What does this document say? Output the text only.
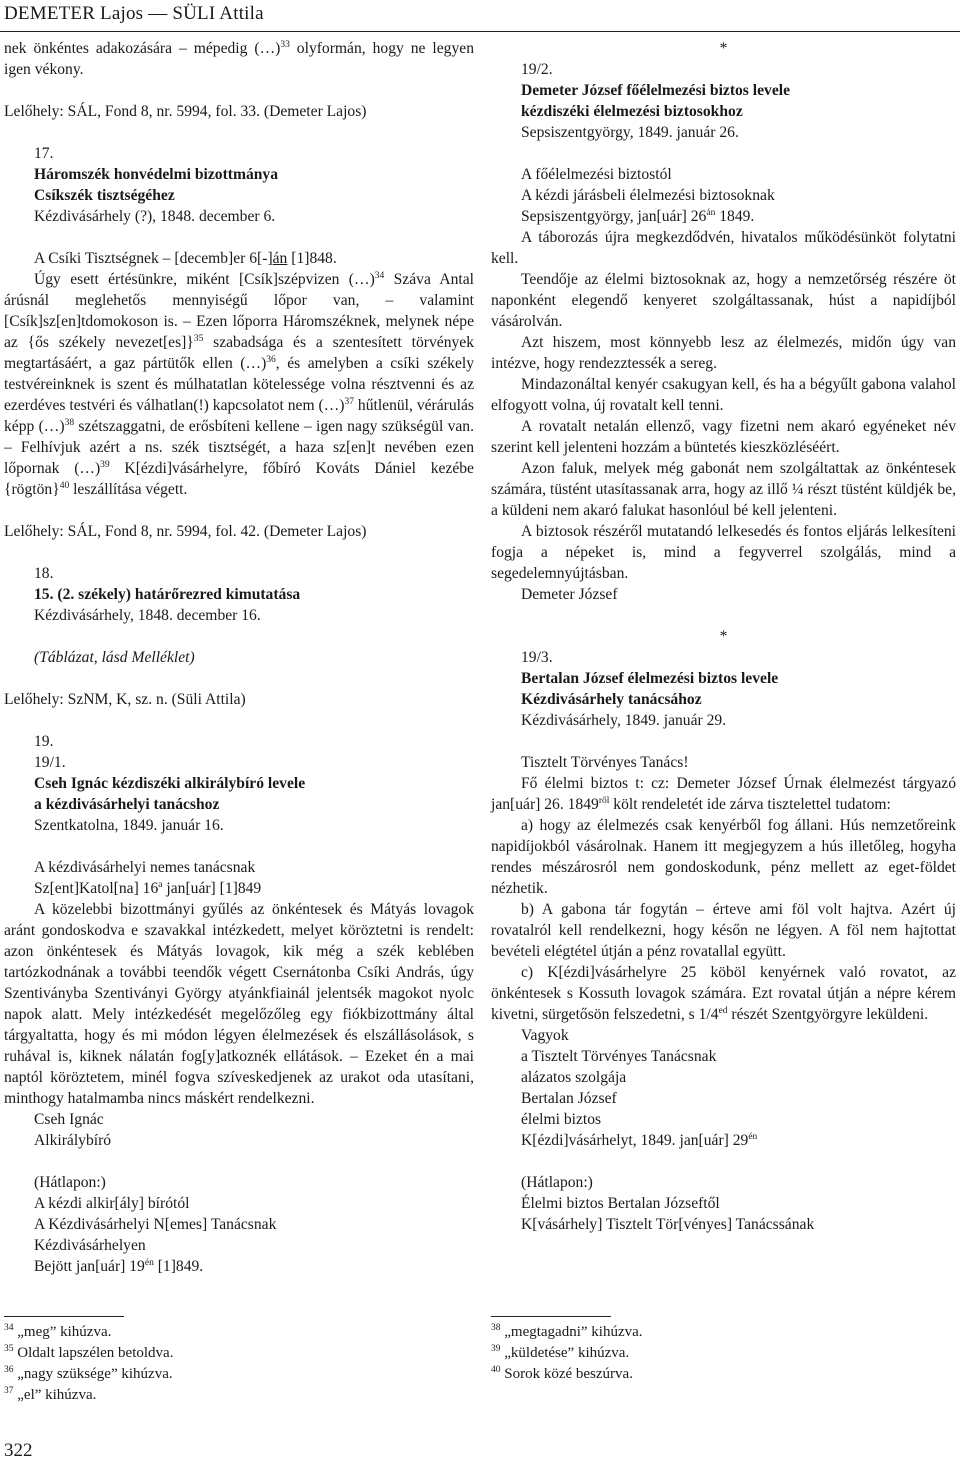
DEMETER Lajos — SÜLI Attila

nek önkéntes adakozására – mépedig (…)$^{33}$ olyformán, hogy ne legyen igen vékony.

Lelőhely: SÁL, Fond 8, nr. 5994, fol. 33. (Demeter Lajos)

17.

Háromszék honvédelmi bizottmánya

Csíkszék tisztségéhez

Kézdivásárhely (?), 1848. december 6.

A Csíki Tisztségnek – [decemb]er 6[-]án [1]848.

Úgy esett értésünkre, miként [Csík]szépvizen (…)$^{34}$ Száva Antal árúsnál meglehetős mennyiségű lőpor van, – valamint [Csík]sz[en]tdomokoson is. – Ezen lőporra Háromszéknek, melynek népe az {ős székely nevezet[es]}$^{35}$ szabadsága és a szentesített törvények megtartásáért, a gaz pártütők ellen (…)$^{36}$, és amelyben a csíki székely testvéreinknek is szent és múlhatatlan kötelessége volna résztvenni és az ezerdéves testvéri és válhatlan(!) kapcsolatot nem (…)$^{37}$ hűtlenül, vérárulás képp (…)$^{38}$ szétszaggatni, de erősbíteni kellene – igen nagy szükségül van. – Felhívjuk azért a ns. szék tisztségét, a haza sz[en]t nevében ezen lőpornak (…)$^{39}$ K[ézdi]vásárhelyre, főbíró Kováts Dániel kezébe {rögtön}$^{40}$ leszállítása végett.

Lelőhely: SÁL, Fond 8, nr. 5994, fol. 42. (Demeter Lajos)

18.

15. (2. székely) határőrezred kimutatása

Kézdivásárhely, 1848. december 16.

(Táblázat, lásd Melléklet)

Lelőhely: SzNM, K, sz. n. (Süli Attila)

19.

19/1.

Cseh Ignác kézdiszéki alkirálybíró levele

a kézdivásárhelyi tanácshoz

Szentkatolna, 1849. január 16.

A kézdivásárhelyi nemes tanácsnak

Sz[ent]Katol[na] 16$^a$ jan[uár] [1]849

A közelebbi bizottmányi gyűlés az önkéntesek és Mátyás lovagok aránt gondoskodva e szavakkal intézkedett, melyet köröztetni is rendelt: azon önkéntesek és Mátyás lovagok, kik még a szék keblében tartózkodnának a további teendők végett Csernátonba Csíki András, úgy Szentiványba Szentiványi György atyánkfiainál jelentsék magokot nyolc napok alatt. Mely intézkedését megelőzőleg egy fiókbizottmány által tárgyaltatta, hogy és mi módon légyen élelmezések és elszállásolások, s ruhával is, kiknek nálatán fog[y]atkoznék ellátások. – Ezeket én a mai naptól köröztetem, minél fogva szíveskedjenek az urakot oda utasítani, minthogy hatalmamba nincs máskért rendelkezni.

Cseh Ignác

Alkirálybíró

(Hátlapon:)

A kézdi alkir[ály] bírótól

A Kézdivásárhelyi N[emes] Tanácsnak

Kézdivásárhelyen

Bejött jan[uár] $19^{én}$ [1]849.

*

19/2.

Demeter József főélelmezési biztos levele

kézdiszéki élelmezési biztosokhoz

Sepsiszentgyörgy, 1849. január 26.

A főélelmezési biztostól

A kézdi járásbeli élelmezési biztosoknak

Sepsiszentgyörgy, jan[uár] $26^{án}$ 1849.

A táborozás újra megkezdődvén, hivatalos működésünköt folytatni kell.

Teendője az élelmi biztosoknak az, hogy a nemzetőrség részére öt naponként elegendő kenyeret szolgáltassanak, húst a napidíjból vásárolván.

Azt hiszem, most könnyebb lesz az élelmezés, midőn úgy van intézve, hogy rendezztessék a sereg.

Mindazonáltal kenyér csakugyan kell, és ha a bégyűlt gabona valahol elfogyott volna, új rovatalt kell tenni.

A rovatalt netalán ellenző, vagy fizetni nem akaró egyéneket név szerint kell jelenteni hozzám a büntetés kieszközléséért.

Azon faluk, melyek még gabonát nem szolgáltattak az önkéntesek számára, tüstént utasítassanak arra, hogy az illő ¼ részt tüstént küldjék be, a küldeni nem akaró falukat hasonlóul bé kell jelenteni.

A biztosok részéről mutatandó lelkesedés és fontos eljárás lelkesíteni fogja a népeket is, mind a fegyverrel szolgálás, mind a segedelemnyújtásban.

Demeter József

*

19/3.

Bertalan József élelmezési biztos levele

Kézdivásárhely tanácsához

Kézdivásárhely, 1849. január 29.

Tisztelt Törvényes Tanács!

Fő élelmi biztos t: cz: Demeter József Úrnak élelmezést tárgyazó jan[uár] 26. $1849^{ről}$ költ rendeletét ide zárva tisztelettel tudatom:

a) hogy az élelmezés csak kenyérből fog állani. Hús nemzetőreink napidíjokból vásárolnak. Hanem itt megjegyzem a hús illetőleg, hogyha rendes mészárosról nem gondoskodunk, pénz mellett az eget-földet nézhetik.

b) A gabona tár fogytán – érteve ami föl volt hajtva. Azért új rovatalról kell rendelkezni, hogy későn ne légyen. A föl nem hajtottat bevételi elégtétel útján a pénz rovatallal együtt.

c) K[ézdi]vásárhelyre 25 köböl kenyérnek való rovatot, az önkéntesek s Kossuth lovagok számára. Ezt rovatal útján a népre kérem kivetni, sürgetősön felszedetni, s $1/4^{ed}$ részét Szentgyörgyre leküldeni.

Vagyok

a Tisztelt Törvényes Tanácsnak

alázatos szolgája

Bertalan József

élelmi biztos

K[ézdi]vásárhelyt, 1849. jan[uár] $29^{én}$

(Hátlapon:)

Élelmi biztos Bertalan Józseftől

K[vásárhely] Tisztelt Tör[vényes] Tanácssának

$^{34}$ „meg” kihúzva.

$^{35}$ Oldalt lapszélen betoldva.

$^{36}$ „nagy szüksége” kihúzva.

$^{37}$ „el” kihúzva.

$^{38}$ „megtagadni” kihúzva.

$^{39}$ „küldetése” kihúzva.

$^{40}$ Sorok közé beszúrva.

322
